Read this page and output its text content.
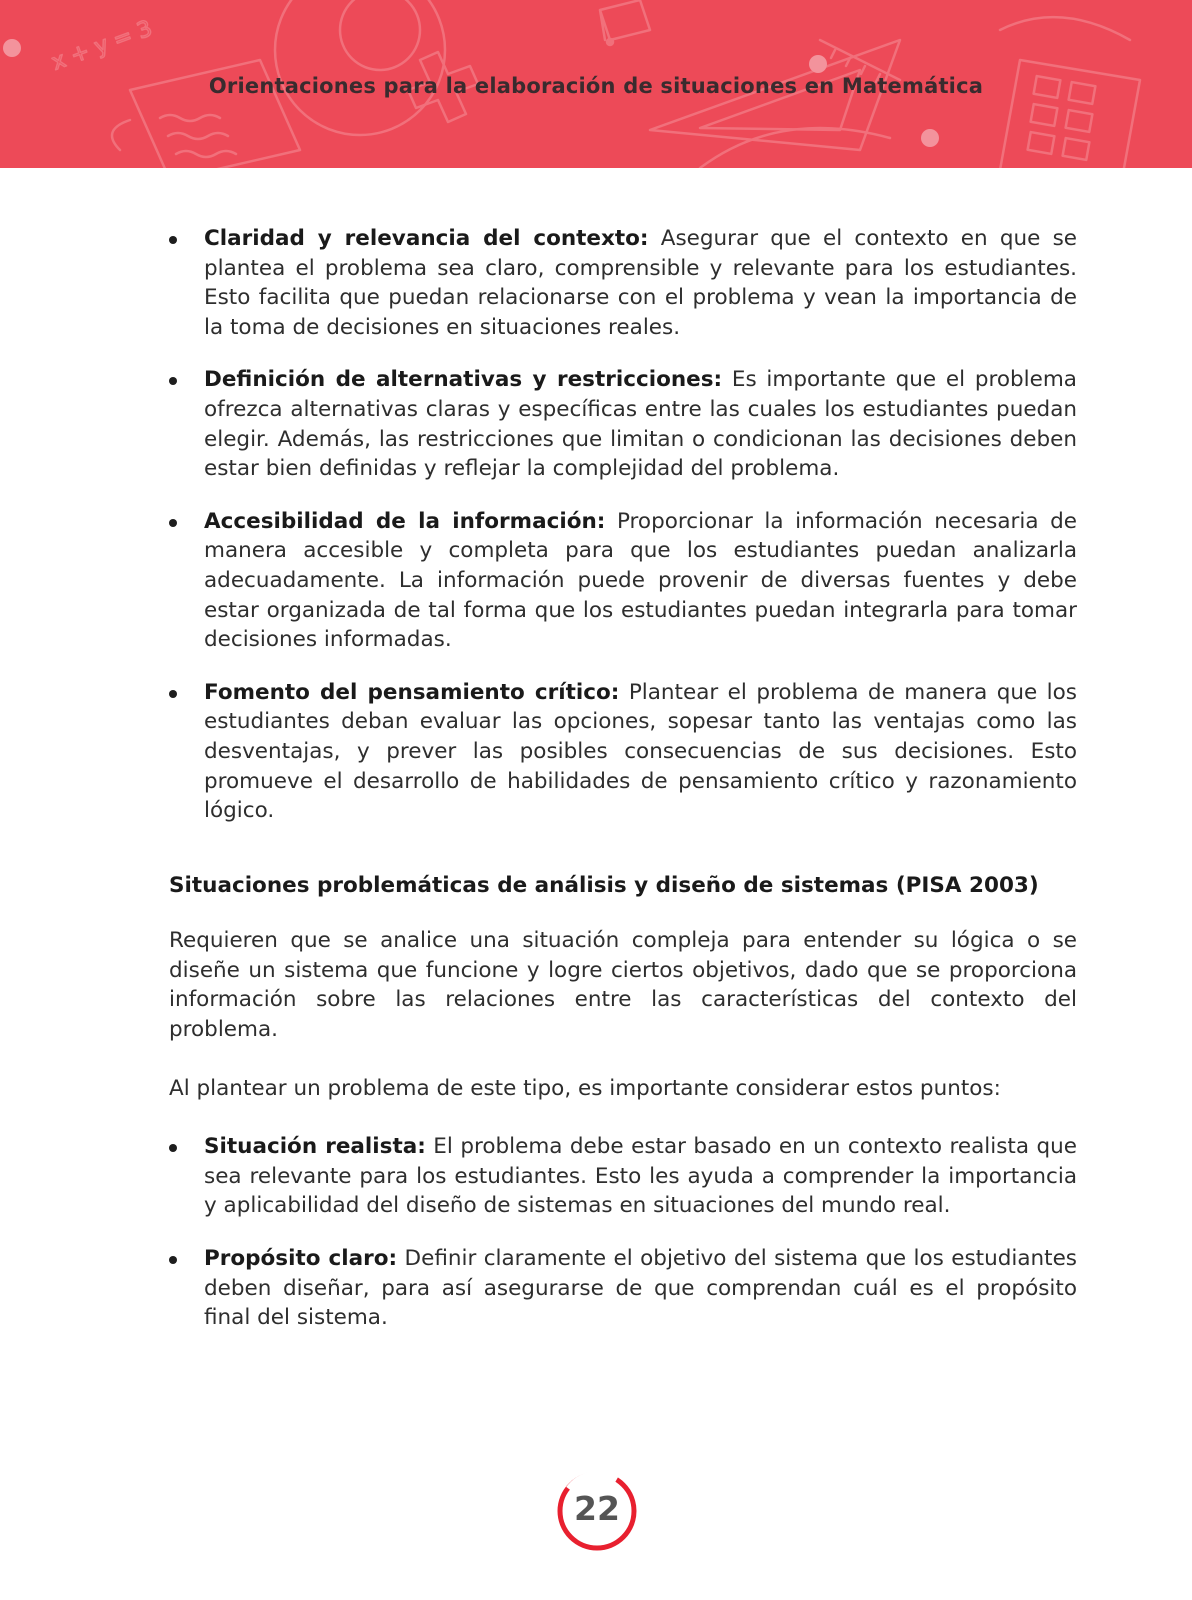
x + y = 3
Orientaciones para la elaboración de situaciones en Matemática
Claridad y relevancia del contexto: Asegurar que el contexto en que se plantea el problema sea claro, comprensible y relevante para los estudiantes. Esto facilita que puedan relacionarse con el problema y vean la importancia de la toma de decisiones en situaciones reales.
Definición de alternativas y restricciones: Es importante que el problema ofrezca alternativas claras y específicas entre las cuales los estudiantes puedan elegir. Además, las restricciones que limitan o condicionan las decisiones deben estar bien definidas y reflejar la complejidad del problema.
Accesibilidad de la información: Proporcionar la información necesaria de manera accesible y completa para que los estudiantes puedan analizarla adecuadamente. La información puede provenir de diversas fuentes y debe estar organizada de tal forma que los estudiantes puedan integrarla para tomar decisiones informadas.
Fomento del pensamiento crítico: Plantear el problema de manera que los estudiantes deban evaluar las opciones, sopesar tanto las ventajas como las desventajas, y prever las posibles consecuencias de sus decisiones. Esto promueve el desarrollo de habilidades de pensamiento crítico y razonamiento lógico.
Situaciones problemáticas de análisis y diseño de sistemas (PISA 2003)

Requieren que se analice una situación compleja para entender su lógica o se diseñe un sistema que funcione y logre ciertos objetivos, dado que se proporciona información sobre las relaciones entre las características del contexto del problema.

Al plantear un problema de este tipo, es importante considerar estos puntos:

Situación realista: El problema debe estar basado en un contexto realista que sea relevante para los estudiantes. Esto les ayuda a comprender la importancia y aplicabilidad del diseño de sistemas en situaciones del mundo real.
Propósito claro: Definir claramente el objetivo del sistema que los estudiantes deben diseñar, para así asegurarse de que comprendan cuál es el propósito final del sistema.
22
